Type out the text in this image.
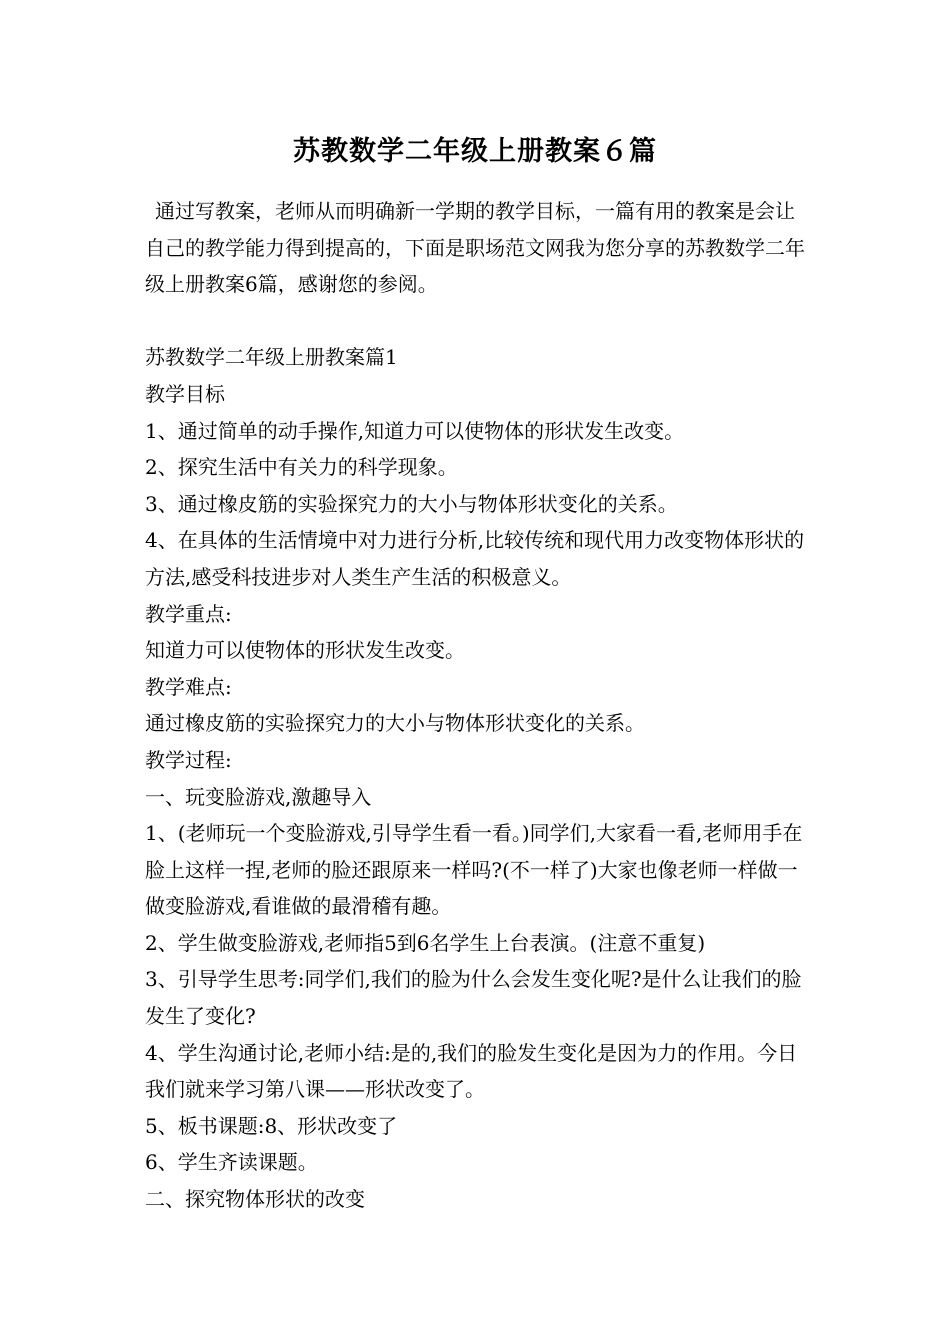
苏教数学二年级上册教案６篇

通过写教案，老师从而明确新一学期的教学目标，一篇有用的教案是会让自己的教学能力得到提高的，下面是职场范文网我为您分享的苏教数学二年级上册教案6篇，感谢您的参阅。

苏教数学二年级上册教案篇1

教学目标

1、通过简单的动手操作,知道力可以使物体的形状发生改变。

2、探究生活中有关力的科学现象。

3、通过橡皮筋的实验探究力的大小与物体形状变化的关系。

4、在具体的生活情境中对力进行分析,比较传统和现代用力改变物体形状的方法,感受科技进步对人类生产生活的积极意义。

教学重点:

知道力可以使物体的形状发生改变。

教学难点:

通过橡皮筋的实验探究力的大小与物体形状变化的关系。

教学过程:

一、玩变脸游戏,激趣导入

1、(老师玩一个变脸游戏,引导学生看一看。)同学们,大家看一看,老师用手在脸上这样一捏,老师的脸还跟原来一样吗?(不一样了)大家也像老师一样做一做变脸游戏,看谁做的最滑稽有趣。

2、学生做变脸游戏,老师指5到6名学生上台表演。(注意不重复)

3、引导学生思考:同学们,我们的脸为什么会发生变化呢?是什么让我们的脸发生了变化?

4、学生沟通讨论,老师小结:是的,我们的脸发生变化是因为力的作用。今日我们就来学习第八课——形状改变了。

5、板书课题:8、形状改变了

6、学生齐读课题。

二、探究物体形状的改变
